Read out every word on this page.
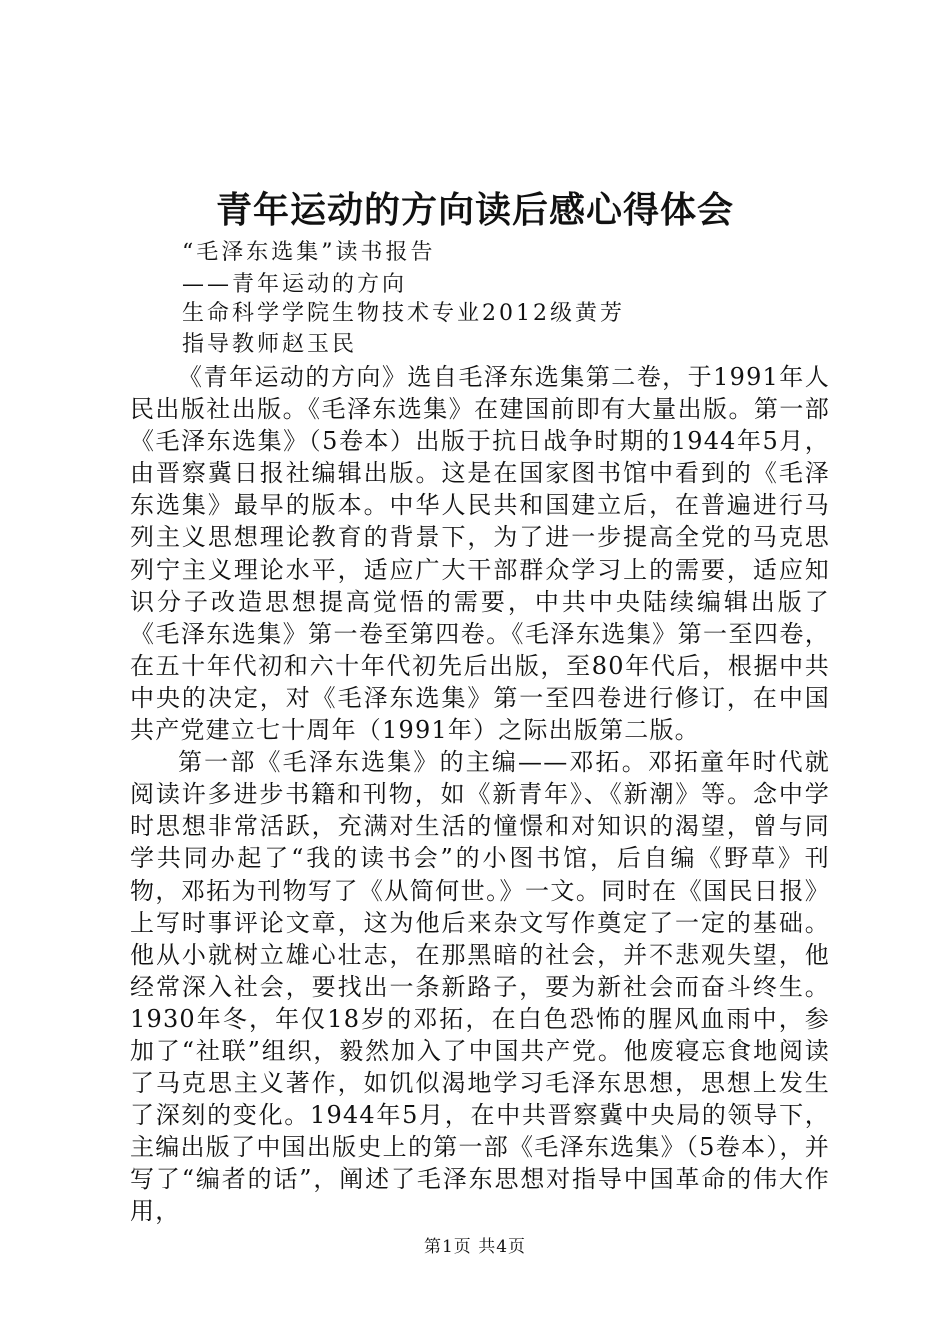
青年运动的方向读后感心得体会
“毛泽东选集”读书报告
——青年运动的方向
生命科学学院生物技术专业2012级黄芳
指导教师赵玉民

《青年运动的方向》选自毛泽东选集第二卷，于1991年人民出版社出版。《毛泽东选集》在建国前即有大量出版。第一部《毛泽东选集》（5卷本）出版于抗日战争时期的1944年5月，由晋察冀日报社编辑出版。这是在国家图书馆中看到的《毛泽东选集》最早的版本。中华人民共和国建立后，在普遍进行马列主义思想理论教育的背景下，为了进一步提高全党的马克思列宁主义理论水平，适应广大干部群众学习上的需要，适应知识分子改造思想提高觉悟的需要，中共中央陆续编辑出版了《毛泽东选集》第一卷至第四卷。《毛泽东选集》第一至四卷，在五十年代初和六十年代初先后出版，至80年代后，根据中共中央的决定，对《毛泽东选集》第一至四卷进行修订，在中国共产党建立七十周年（1991年）之际出版第二版。

第一部《毛泽东选集》的主编——邓拓。邓拓童年时代就阅读许多进步书籍和刊物，如《新青年》、《新潮》等。念中学时思想非常活跃，充满对生活的憧憬和对知识的渴望，曾与同学共同办起了“我的读书会”的小图书馆，后自编《野草》刊物，邓拓为刊物写了《从简何世。》一文。同时在《国民日报》上写时事评论文章，这为他后来杂文写作奠定了一定的基础。他从小就树立雄心壮志，在那黑暗的社会，并不悲观失望，他经常深入社会，要找出一条新路子，要为新社会而奋斗终生。1930年冬，年仅18岁的邓拓，在白色恐怖的腥风血雨中，参加了“社联”组织，毅然加入了中国共产党。他废寝忘食地阅读了马克思主义著作，如饥似渴地学习毛泽东思想，思想上发生了深刻的变化。1944年5月，在中共晋察冀中央局的领导下，主编出版了中国出版史上的第一部《毛泽东选集》（5卷本），并写了“编者的话”，阐述了毛泽东思想对指导中国革命的伟大作用，

第1页 共4页
